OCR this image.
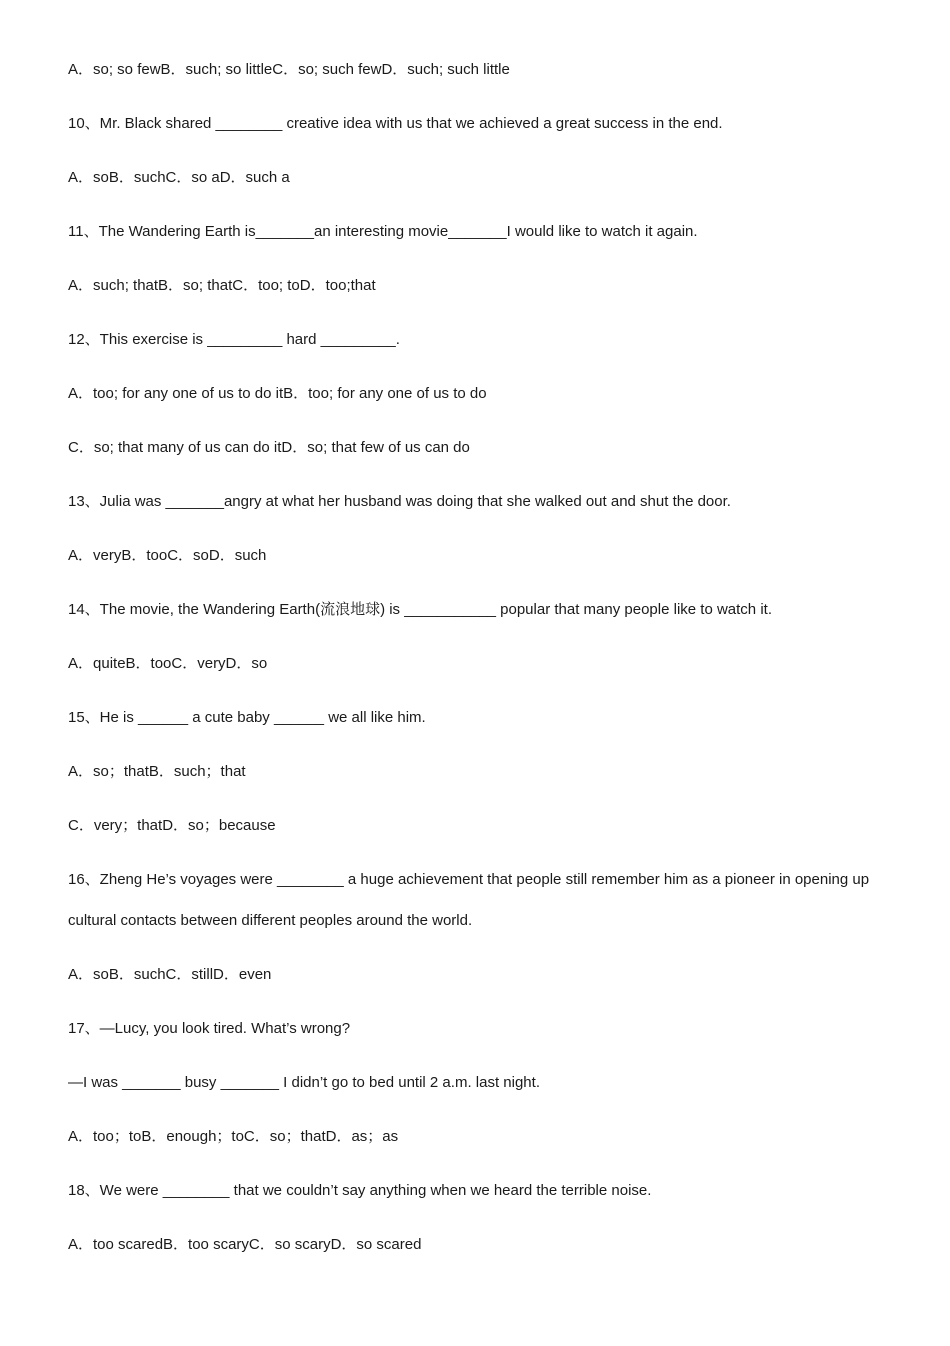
A．so; so fewB．such; so littleC．so; such fewD．such; such little
10、Mr. Black shared ________ creative idea with us that we achieved a great success in the end.
A．soB．suchC．so aD．such a
11、The Wandering Earth is_______an interesting movie_______I would like to watch it again.
A．such; thatB．so; thatC．too; toD．too;that
12、This exercise is _________ hard _________.
A．too; for any one of us to do itB．too; for any one of us to do
C．so; that many of us can do itD．so; that few of us can do
13、Julia was _______angry at what her husband was doing that she walked out and shut the door.
A．veryB．tooC．soD．such
14、The movie, the Wandering Earth(流浪地球) is ___________ popular that many people like to watch it.
A．quiteB．tooC．veryD．so
15、He is ______ a cute baby ______ we all like him.
A．so；thatB．such；that
C．very；thatD．so；because
16、Zheng He’s voyages were ________ a huge achievement that people still remember him as a pioneer in opening up cultural contacts between different peoples around the world.
A．soB．suchC．stillD．even
17、—Lucy, you look tired. What’s wrong?
—I was _______ busy _______ I didn’t go to bed until 2 a.m. last night.
A．too；toB．enough；toC．so；thatD．as；as
18、We were ________ that we couldn’t say anything when we heard the terrible noise.
A．too scaredB．too scaryC．so scaryD．so scared
